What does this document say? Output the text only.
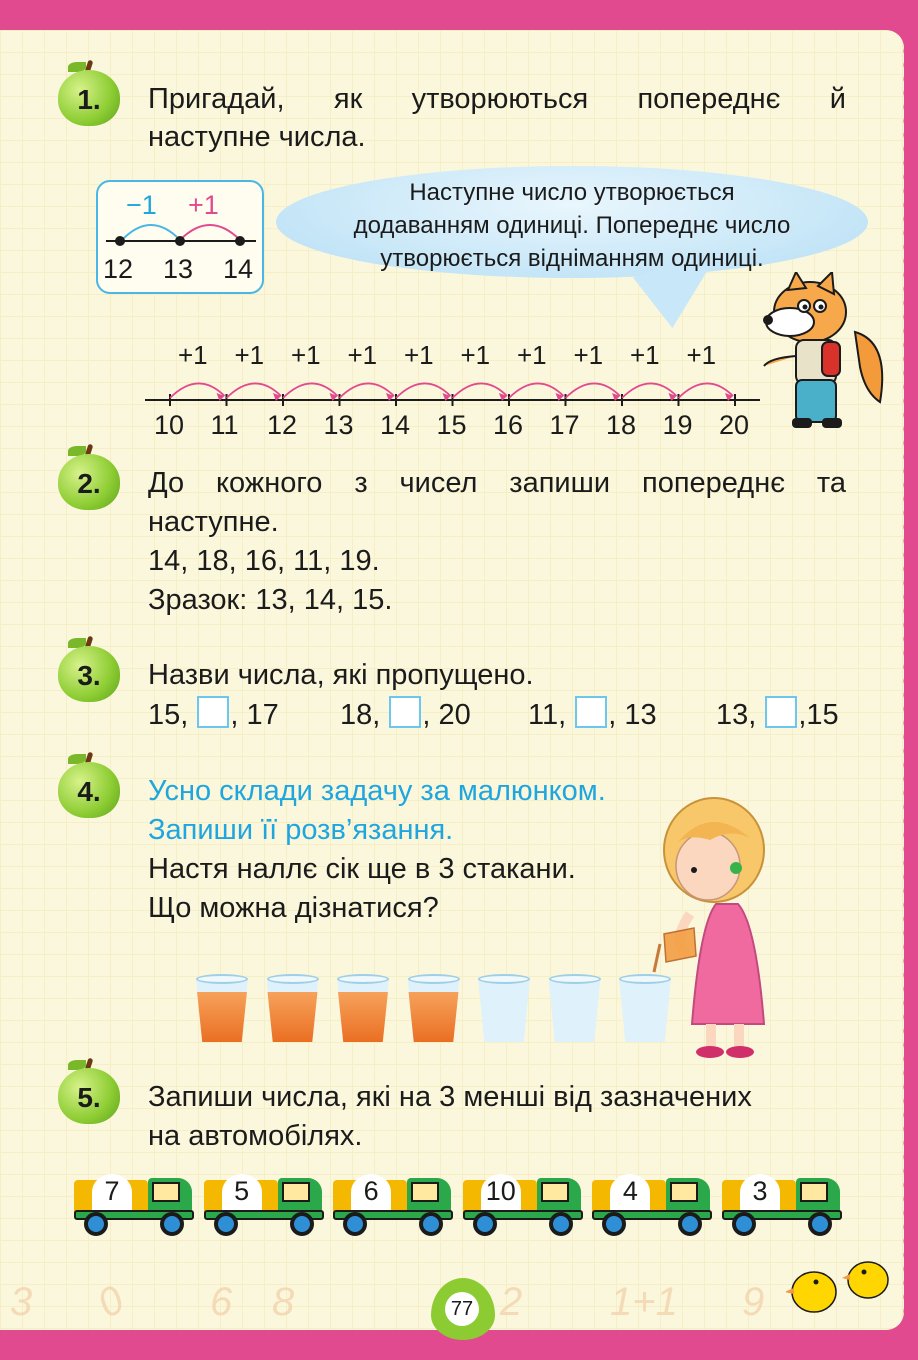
1.	Пригадай, як утворюються попереднє й
наступне числа.
−1 +1
12 13 14
Наступне число утворюється
додаванням одиниці. Попереднє число
утворюється відніманням одиниці.
+1 +1 +1 +1 +1 +1 +1 +1 +1 +1
10 11 12 13 14 15 16 17 18 19 20
2.	До кожного з чисел запиши попереднє та
наступне.
14, 18, 16, 11, 19.
Зразок: 13, 14, 15.
3.	Назви числа, які пропущено.
15, , 17 18, , 20 11, , 13 13, ,15
4.	Усно склади задачу за малюнком.
Запиши її розв’язання.
Настя наллє сік ще в 3 стакани.
Що можна дізнатися?
5.	Запиши числа, які на 3 менші від зазначених
на автомобілях.
7	5	6	10	4	3
3 0 6 8	2 1+1 9
77
